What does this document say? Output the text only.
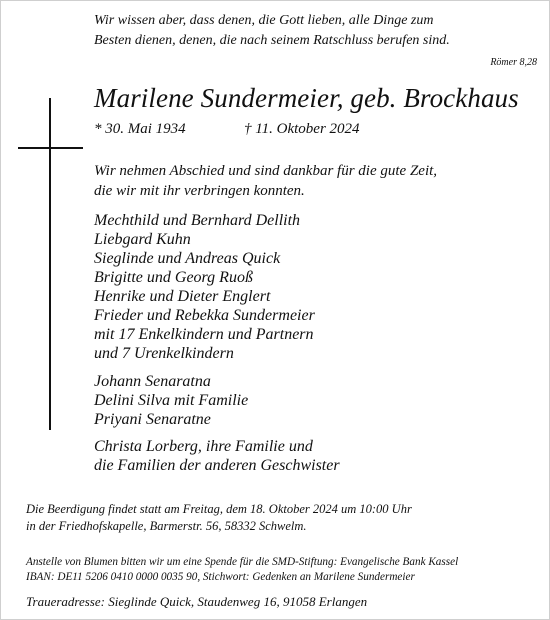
Wir wissen aber, dass denen, die Gott lieben, alle Dinge zum
Besten dienen, denen, die nach seinem Ratschluss berufen sind.
Römer 8,28
Marilene Sundermeier, geb. Brockhaus
* 30. Mai 1934	† 11. Oktober 2024
Wir nehmen Abschied und sind dankbar für die gute Zeit,
die wir mit ihr verbringen konnten.
Mechthild und Bernhard Dellith
Liebgard Kuhn
Sieglinde und Andreas Quick
Brigitte und Georg Ruoß
Henrike und Dieter Englert
Frieder und Rebekka Sundermeier
mit 17 Enkelkindern und Partnern
und 7 Urenkelkindern
Johann Senaratna
Delini Silva mit Familie
Priyani Senaratne
Christa Lorberg, ihre Familie und
die Familien der anderen Geschwister
Die Beerdigung findet statt am Freitag, dem 18. Oktober 2024 um 10:00 Uhr
in der Friedhofskapelle, Barmerstr. 56, 58332 Schwelm.
Anstelle von Blumen bitten wir um eine Spende für die SMD-Stiftung: Evangelische Bank Kassel
IBAN: DE11 5206 0410 0000 0035 90, Stichwort: Gedenken an Marilene Sundermeier
Traueradresse: Sieglinde Quick, Staudenweg 16, 91058 Erlangen
